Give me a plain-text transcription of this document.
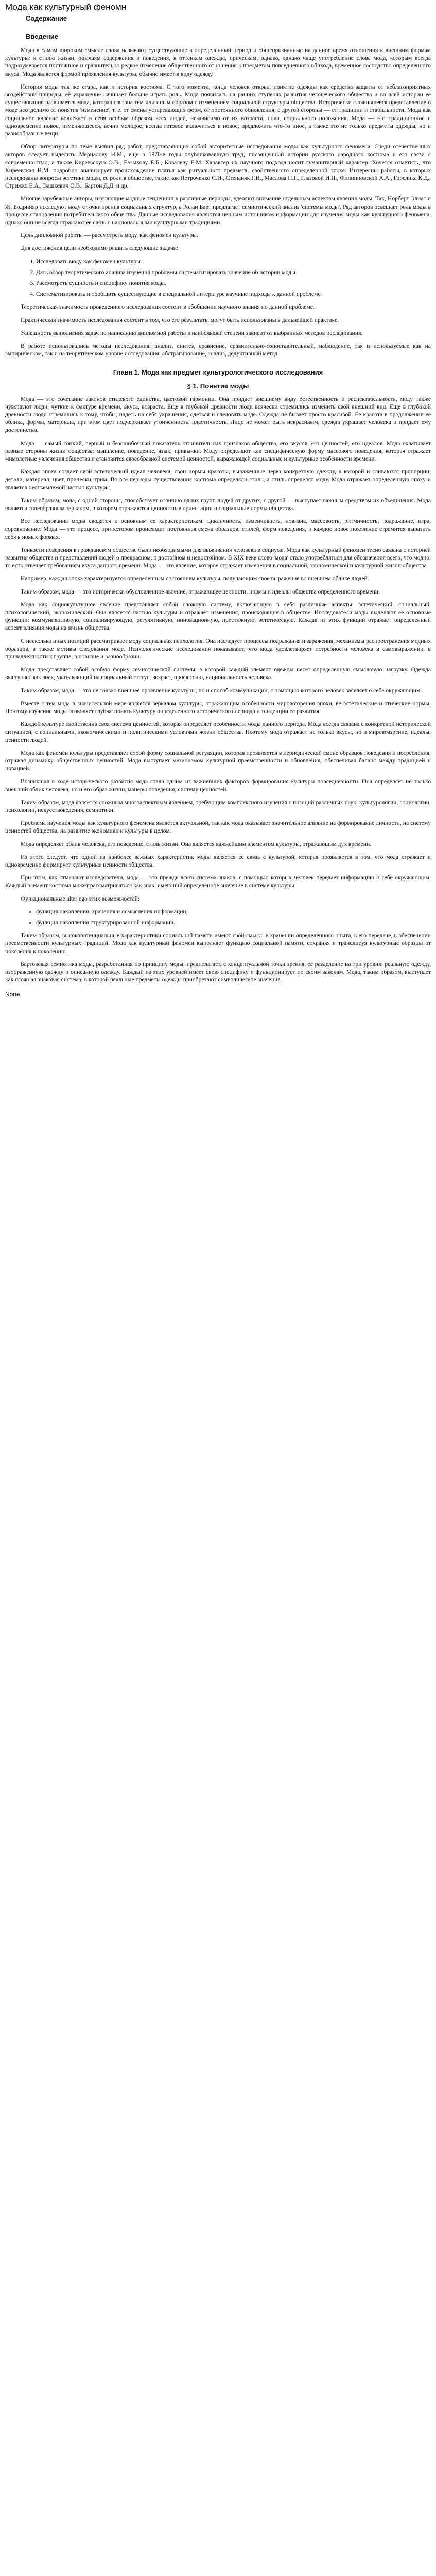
Мода как культурный феномн
Содержание
Введение

Мода в самом широком смысле слова называют существующие в определенный период и общепризнанные на данное время отношения к внешним формам культуры: к стилю жизни, обычаям содержания и поведения, к оттенкам одежды, прическам, однако, однако чаще употребление слова мода, которым всегда подразумевается постоянное и сравнительно редкое изменение общественного отношения к предметам повседневного обихода, временное господство определенного вкуса. Мода является формой проявления культуры, обычно имеет в виду одежду.

История моды так же стара, как и история костюма. С того момента, когда человек открыл понятие одежды как средства защиты от неблагоприятных воздействий природы, её украшение начинает больше играть роль. Мода появилась на ранних ступенях развития человеческого общества и во всей истории её существования развивается мода, которая связана тем или иным образом с изменением социальной структуры общества. Исторически сложившееся представление о моде неотделимо от понятия 'изменение', т. е. от смены устаревающих форм, от постоянного обновления, с другой стороны — от традиции и стабильности. Мода как социальное явление вовлекает в себя особым образом всех людей, независимо от их возраста, пола, социального положения. Мода — это традиционное и одновременно новое, изменяющееся, вечно молодое, всегда готовое включиться в новое, предложить что-то иное, а также это не только предметы одежды, но и разнообразные вещи.

Обзор литературы по теме выявил ряд работ, представляющих собой авторитетные исследования моды как культурного феномена. Среди отечественных авторов следует выделить Мерцалову Н.М., еще в 1970-е годы опубликовавшую труд, посвященный истории русского народного костюма и его связи с современностью, а также Киреевскую О.В., Евзыхову Е.Б., Ковалеву Е.М. Характер их научного подхода носит гуманитарный характер. Хочется отметить, что Киреевская Н.М. подробно анализирует происхождение платья как ритуального предмета, свойственного определенной эпохе. Интересны работы, в которых исследованы вопросы эстетики моды, ее роли в обществе, такие как Петроченко С.И., Степаняк Г.И., Маслова Н.Г., Глазовой И.Н., Филипповской А.А., Горелика К.Д., Стрижко Е.А., Вашкевич О.В., Бартон Д.Д. и др.

Многие зарубежные авторы, изучающие модные тенденции в различные периоды, уделяют внимание отдельным аспектам явления моды. Так, Норберт Элиас и Ж. Бодрийяр исследуют моду с точки зрения социальных структур, а Ролан Барт предлагает семиотический анализ 'системы моды'. Ряд авторов освещает роль моды в процессе становления потребительского общества. Данные исследования являются ценным источником информации для изучения моды как культурного феномена, однако они не всегда отражают ее связь с национальными культурными традициями.

Цель дипломной работы — рассмотреть моду, как феномен культуры.

Для достижения цели необходимо решить следующие задачи:

1. Исследовать моду как феномен культуры.
2. Дать обзор теоретического анализа изучения проблемы систематизировать значение об истории моды.
3. Рассмотреть сущность и специфику понятия моды.
4. Систематизировать и обобщить существующие в специальной литературе научные подходы к данной проблеме.

Теоретическая значимость проведенного исследования состоит в обобщении научного знания по данной проблеме.

Практическая значимость исследования состоит в том, что его результаты могут быть использованы в дальнейшей практике.

Успешность выполнения задач по написанию дипломной работы в наибольшей степени зависит от выбранных методов исследования.

В работе использовались методы исследования: анализ, синтез, сравнение, сравнительно-сопоставительный, наблюдение, так и используемые как на эмпирическом, так и на теоретическом уровне исследования: абстрагирование, анализ, дедуктивный метод.

Глава 1. Мода как предмет культурологического исследования
§ 1. Понятие моды

Мода — это сочетание законов стилевого единства, цветовой гармонии. Она придает внешнему виду естественность и респектабельность, моду также чувствуют люди, чуткие к фактуре времени, вкуса, возраста. Еще в глубокой древности люди всячески стремились изменить свой внешний вид. Еще в глубокой древности люди стремились к тому, чтобы, надеть на себя украшения, одеться и следовать моде. Одежда не бывает просто красивой. Ее красота в продолжении ее облика, формы, материала, при этом цвет подчеркивает утонченность, пластичность. Лицо не может быть некрасивым, одежда украшает человека и придает ему достоинство.

Мода — самый тонкий, верный и безошибочный показатель отличительных признаков общества, его вкусов, его ценностей, его идеалов. Мода охватывает разные стороны жизни общества: мышление, поведение, язык, привычки. Моду определяют как специфическую форму массового поведения, которая отражает мимолетные увлечения общества и становится своеобразной системой ценностей, выражающей социальные и культурные особенности времени.

Каждая эпоха создает свой эстетический идеал человека, свои нормы красоты, выраженные через конкретную одежду, в которой и сливаются пропорции, детали, материал, цвет, прически, грим. Во все периоды существования костюма определяли стиль, а стиль определял моду. Мода отражает определенную эпоху и является неотъемлемой частью культуры.

Таким образом, мода, с одной стороны, способствует отличию одних групп людей от других, с другой — выступает важным средством их объединения. Мода является своеобразным зеркалом, в котором отражаются ценностные ориентации и социальные нормы общества.

Все исследования моды сводятся к основным ее характеристикам: цикличность, изменчивость, новизна, массовость, ритмичность, подражание, игра, соревнование. Мода — это процесс, при котором происходит постоянная смена образцов, стилей, форм поведения, и каждое новое поколение стремится выразить себя в новых формах.

Тонкости поведения в гражданском обществе были необходимыми для выживания человека в социуме. Мода как культурный феномен тесно связана с историей развития общества и представлений людей о прекрасном, о достойном и недостойном. В XIX веке слово 'мода' стало употребляться для обозначения всего, что модно, то есть отвечает требованиям вкуса данного времени. Мода — это явление, которое отражает изменения в социальной, экономической и культурной жизни общества.

Например, каждая эпоха характеризуется определенным состоянием культуры, получающим свое выражение во внешнем облике людей.

Таким образом, мода — это исторически обусловленное явление, отражающее ценности, нормы и идеалы общества определенного времени.

Мода как социокультурное явление представляет собой сложную систему, включающую в себя различные аспекты: эстетический, социальный, психологический, экономический. Она является частью культуры и отражает изменения, происходящие в обществе. Исследователи моды выделяют ее основные функции: коммуникативную, социализирующую, регулятивную, инновационную, престижную, эстетическую. Каждая из этих функций отражает определенный аспект влияния моды на жизнь общества.

С несколько иных позиций рассматривает моду социальная психология. Она исследует процессы подражания и заражения, механизмы распространения модных образцов, а также мотивы следования моде. Психологические исследования показывают, что мода удовлетворяет потребности человека в самовыражении, в принадлежности к группе, в новизне и разнообразии.

Мода представляет собой особую форму семиотической системы, в которой каждый элемент одежды несет определенную смысловую нагрузку. Одежда выступает как знак, указывающий на социальный статус, возраст, профессию, национальность человека.

Таким образом, мода — это не только внешнее проявление культуры, но и способ коммуникации, с помощью которого человек заявляет о себе окружающим.

Вместе с тем мода в значительной мере является зеркалом культуры, отражающим особенности мировоззрения эпохи, ее эстетические и этические нормы. Поэтому изучение моды позволяет глубже понять культуру определенного исторического периода и тенденции ее развития.

Каждой культуре свойственна своя система ценностей, которая определяет особенности моды данного периода. Мода всегда связана с конкретной исторической ситуацией, с социальными, экономическими и политическими условиями жизни общества. Поэтому мода отражает не только вкусы, но и мировоззрение, идеалы, ценности людей.

Мода как феномен культуры представляет собой форму социальной регуляции, которая проявляется в периодической смене образцов поведения и потребления, отражая динамику общественных ценностей. Мода выступает механизмом культурной преемственности и обновления, обеспечивая баланс между традицией и новацией.

Возникшая в ходе исторического развития мода стала одним из важнейших факторов формирования культуры повседневности. Она определяет не только внешний облик человека, но и его образ жизни, манеры поведения, систему ценностей.

Таким образом, мода является сложным многоаспектным явлением, требующим комплексного изучения с позиций различных наук: культурологии, социологии, психологии, искусствоведения, семиотики.

Проблема изучения моды как культурного феномена является актуальной, так как мода оказывает значительное влияние на формирование личности, на систему ценностей общества, на развитие экономики и культуры в целом.

Мода определяет облик человека, его поведение, стиль жизни. Она является важнейшим элементом культуры, отражающим дух времени.

Из этого следует, что одной из наиболее важных характеристик моды является ее связь с культурой, которая проявляется в том, что мода отражает и одновременно формирует культурные ценности общества.

При этом, как отмечают исследователи, мода — это прежде всего система знаков, с помощью которых человек передает информацию о себе окружающим. Каждый элемент костюма может рассматриваться как знак, имеющий определенное значение в системе культуры.

Функциональные alter ego этих возможностей:

• функция накопления, хранения и осмысления информации;
• функция накопления структурированной информации.

Таким образом, высокопотенциальные характеристики социальной памяти имеют свой смысл: в хранении определенного опыта, в его передаче, в обеспечении преемственности культурных традиций. Мода как культурный феномен выполняет функцию социальной памяти, сохраняя и транслируя культурные образцы от поколения к поколению.

Бартовская семиотика моды, разработанная по принципу моды, предполагает, с концептуальной точки зрения, её разделение на три уровня: реальную одежду, изображенную одежду и описанную одежду. Каждый из этих уровней имеет свою специфику и функционирует по своим законам. Мода, таким образом, выступает как сложная знаковая система, в которой реальные предметы одежды приобретают символическое значение.

None
